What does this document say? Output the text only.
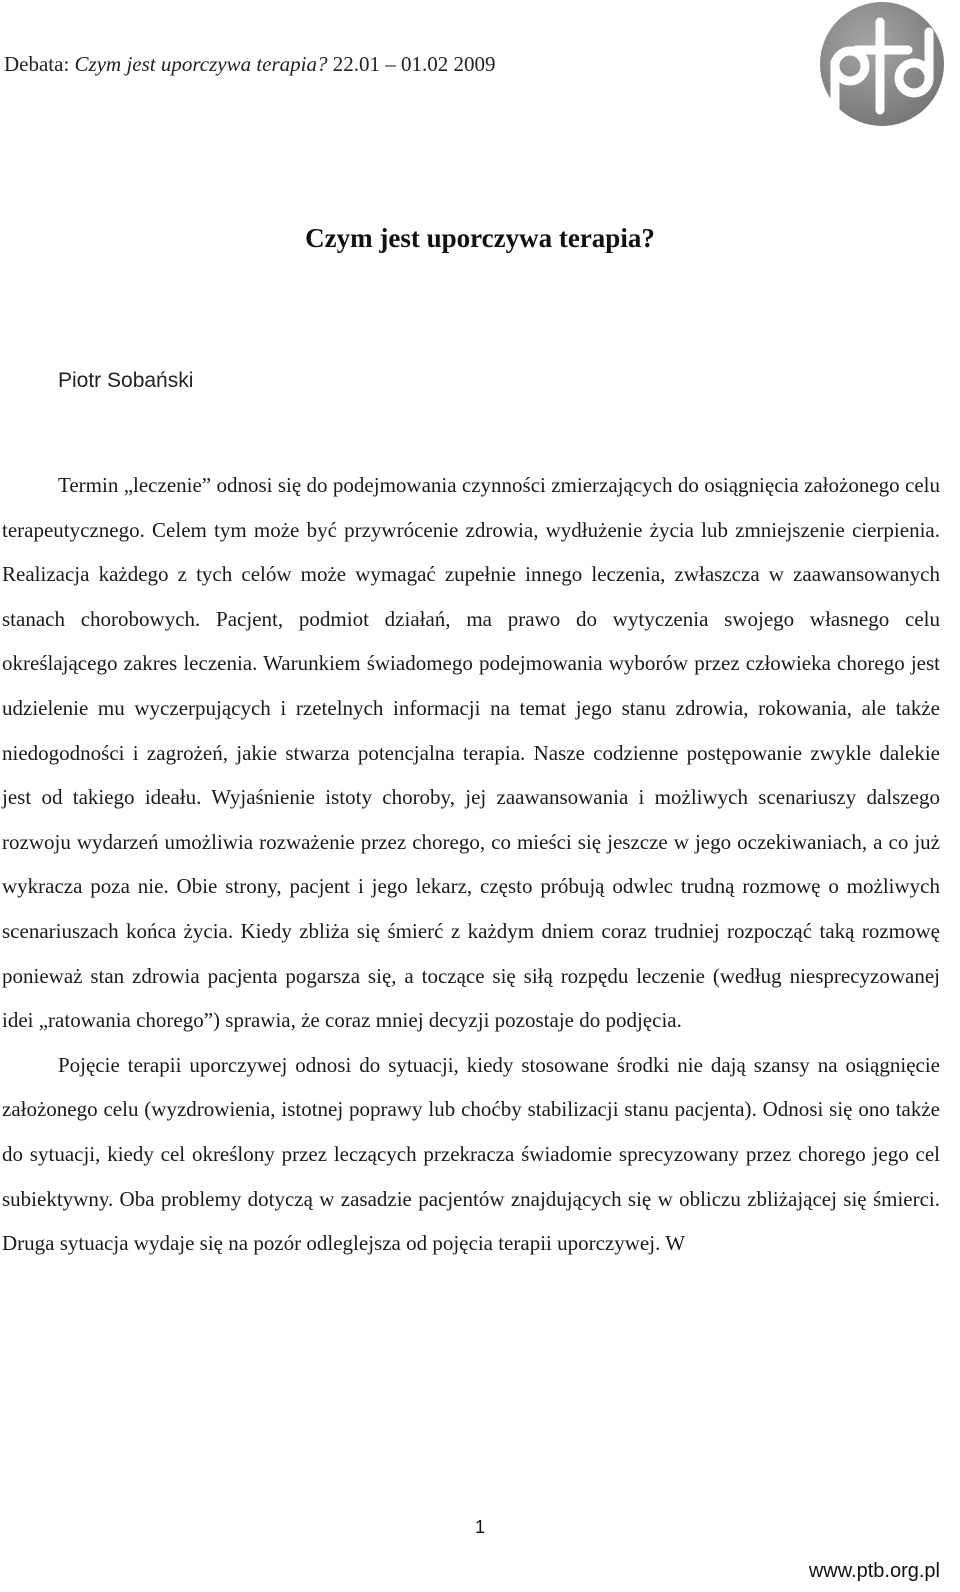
Debata: Czym jest uporczywa terapia? 22.01 – 01.02 2009
Czym jest uporczywa terapia?
Piotr Sobański

Termin „leczenie” odnosi się do podejmowania czynności zmierzających do osiągnięcia założonego celu terapeutycznego. Celem tym może być przywrócenie zdrowia, wydłużenie życia lub zmniejszenie cierpienia. Realizacja każdego z tych celów może wymagać zupełnie innego leczenia, zwłaszcza w zaawansowanych stanach chorobowych. Pacjent, podmiot działań, ma prawo do wytyczenia swojego własnego celu określającego zakres leczenia. Warunkiem świadomego podejmowania wyborów przez człowieka chorego jest udzielenie mu wyczerpujących i rzetelnych informacji na temat jego stanu zdrowia, rokowania, ale także niedogodności i zagrożeń, jakie stwarza potencjalna terapia. Nasze codzienne postępowanie zwykle dalekie jest od takiego ideału. Wyjaśnienie istoty choroby, jej zaawansowania i możliwych scenariuszy dalszego rozwoju wydarzeń umożliwia rozważenie przez chorego, co mieści się jeszcze w jego oczekiwaniach, a co już wykracza poza nie. Obie strony, pacjent i jego lekarz, często próbują odwlec trudną rozmowę o możliwych scenariuszach końca życia. Kiedy zbliża się śmierć z każdym dniem coraz trudniej rozpocząć taką rozmowę ponieważ stan zdrowia pacjenta pogarsza się, a toczące się siłą rozpędu leczenie (według niesprecyzowanej idei „ratowania chorego”) sprawia, że coraz mniej decyzji pozostaje do podjęcia.

Pojęcie terapii uporczywej odnosi do sytuacji, kiedy stosowane środki nie dają szansy na osiągnięcie założonego celu (wyzdrowienia, istotnej poprawy lub choćby stabilizacji stanu pacjenta). Odnosi się ono także do sytuacji, kiedy cel określony przez leczących przekracza świadomie sprecyzowany przez chorego jego cel subiektywny. Oba problemy dotyczą w zasadzie pacjentów znajdujących się w obliczu zbliżającej się śmierci. Druga sytuacja wydaje się na pozór odleglejsza od pojęcia terapii uporczywej. W

1
www.ptb.org.pl
